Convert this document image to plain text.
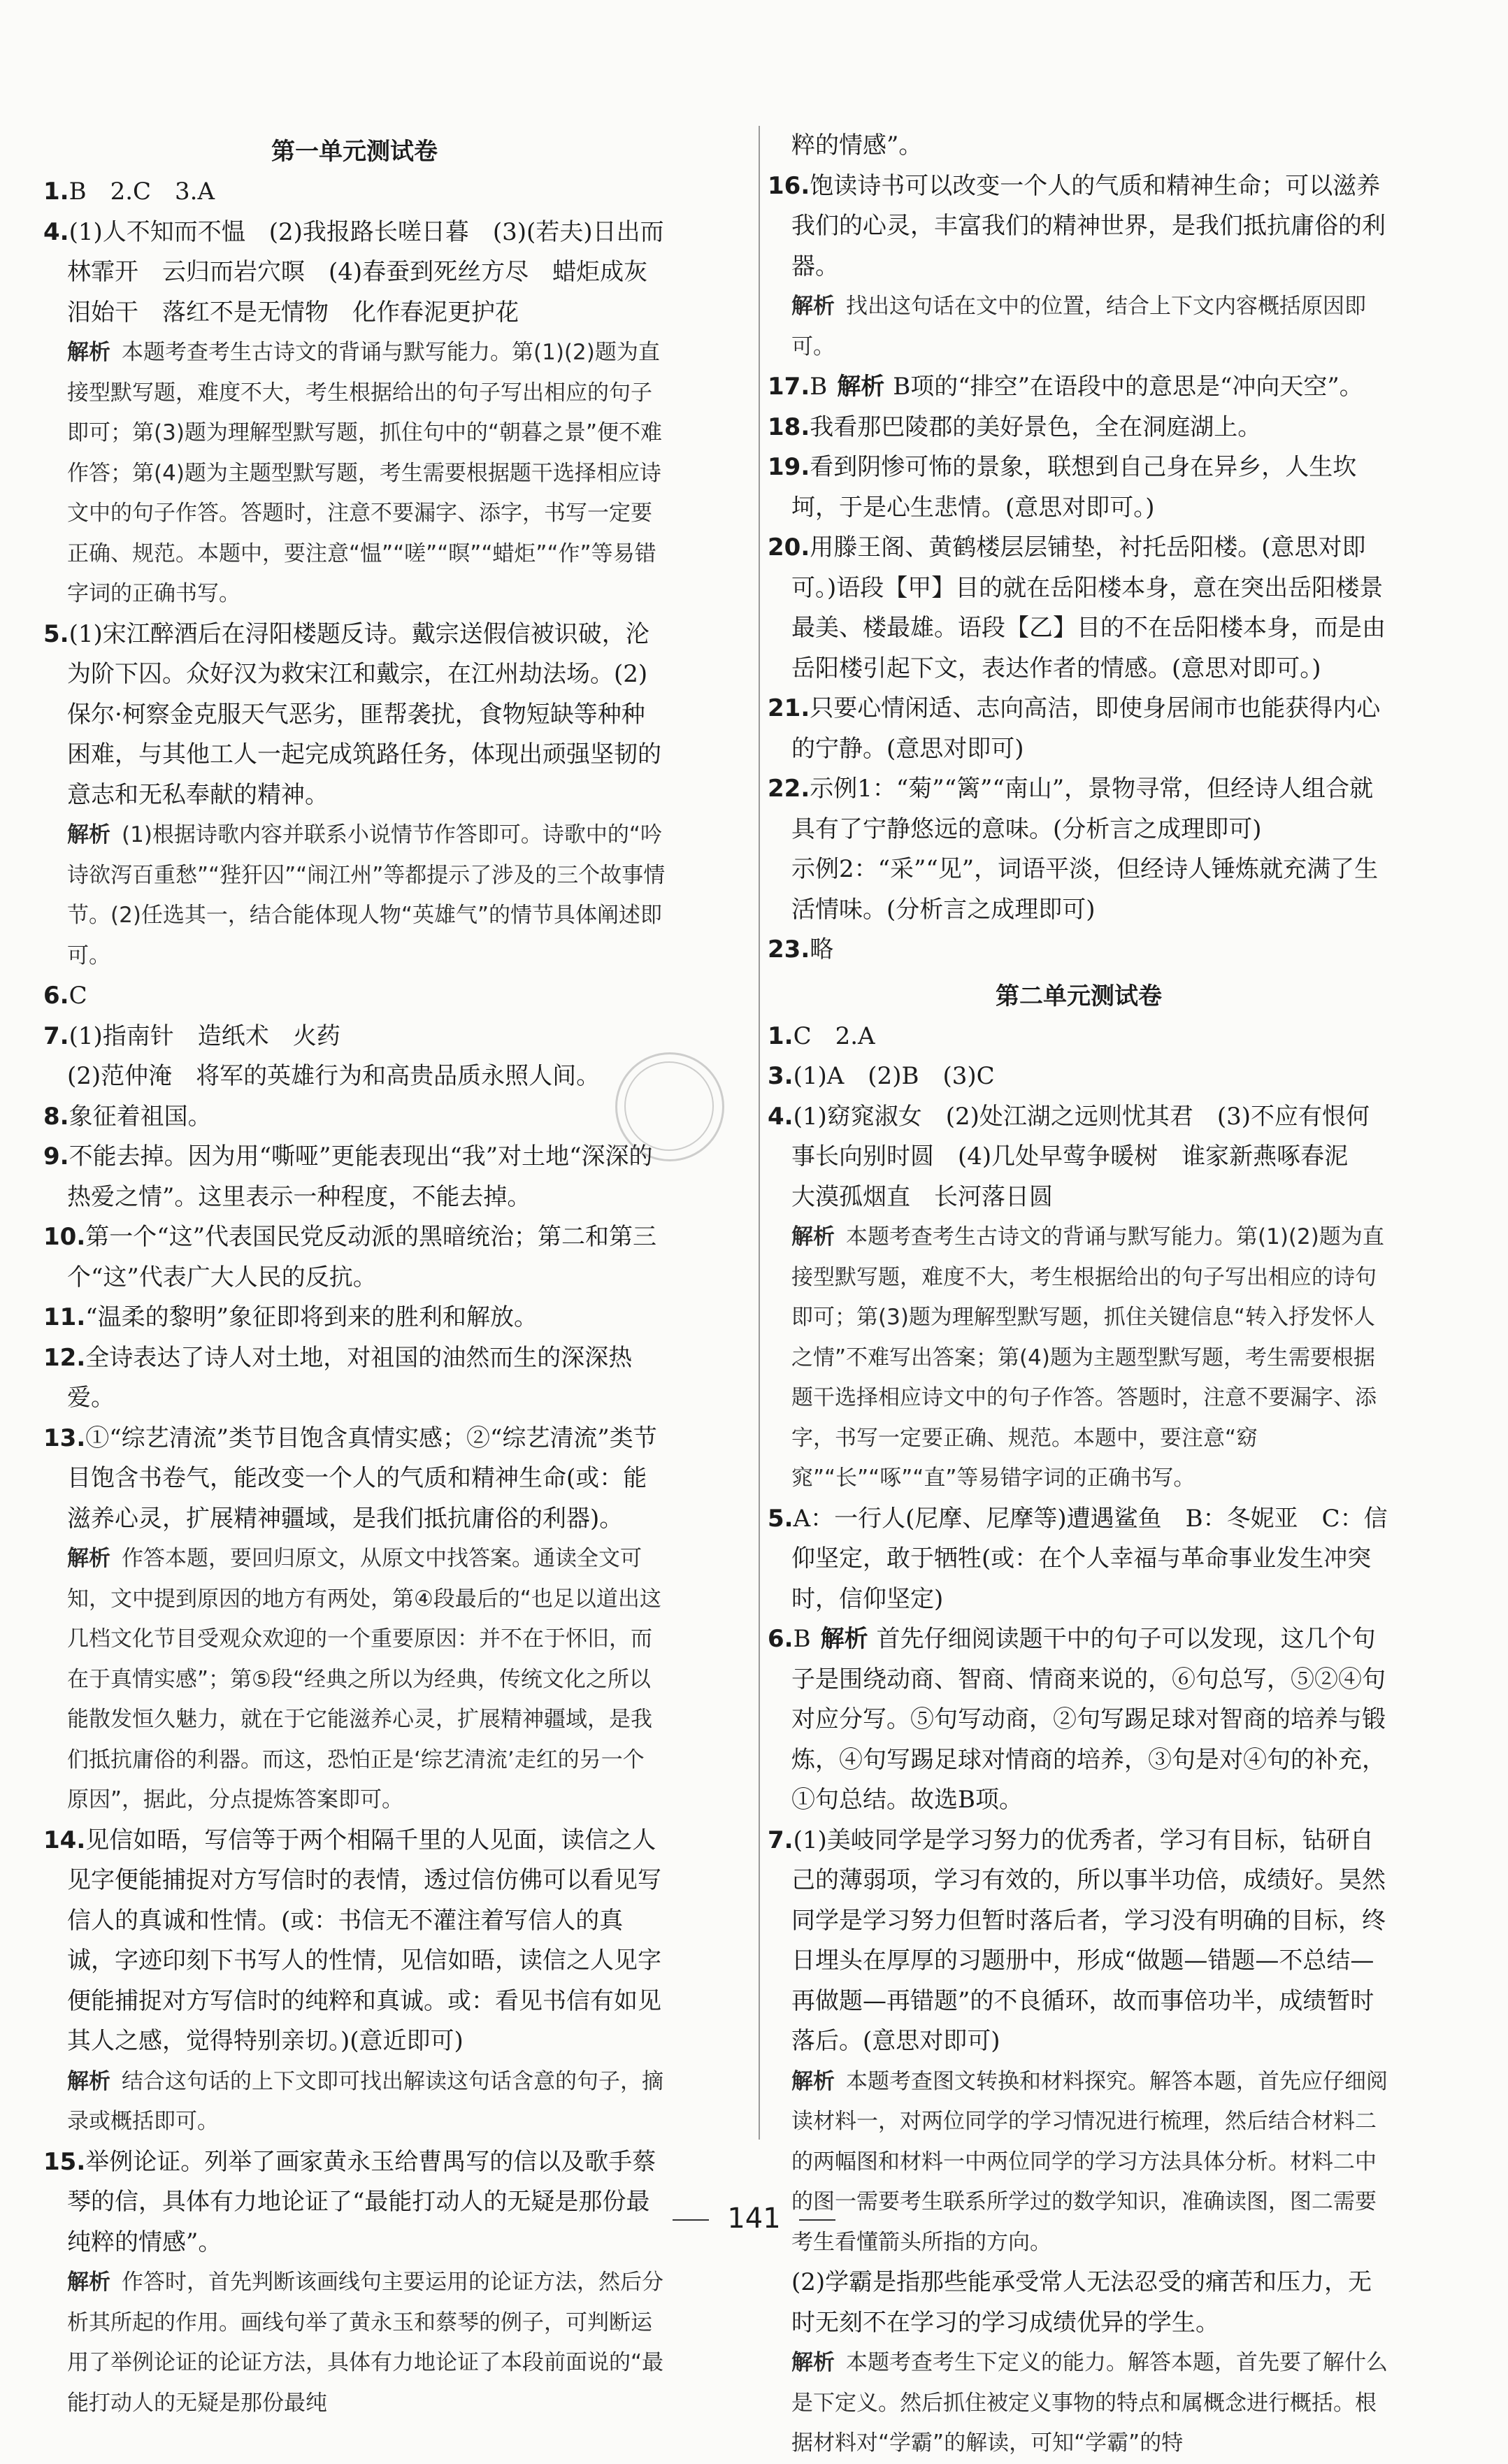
第一单元测试卷

1.B　2.C　3.A

4.(1)人不知而不愠　(2)我报路长嗟日暮　(3)(若夫)日出而林霏开　云归而岩穴暝　(4)春蚕到死丝方尽　蜡炬成灰泪始干　落红不是无情物　化作春泥更护花

解析 本题考查考生古诗文的背诵与默写能力。第(1)(2)题为直接型默写题，难度不大，考生根据给出的句子写出相应的句子即可；第(3)题为理解型默写题，抓住句中的“朝暮之景”便不难作答；第(4)题为主题型默写题，考生需要根据题干选择相应诗文中的句子作答。答题时，注意不要漏字、添字，书写一定要正确、规范。本题中，要注意“愠”“嗟”“暝”“蜡炬”“作”等易错字词的正确书写。

5.(1)宋江醉酒后在浔阳楼题反诗。戴宗送假信被识破，沦为阶下囚。众好汉为救宋江和戴宗，在江州劫法场。(2)保尔·柯察金克服天气恶劣，匪帮袭扰，食物短缺等种种困难，与其他工人一起完成筑路任务，体现出顽强坚韧的意志和无私奉献的精神。

解析 (1)根据诗歌内容并联系小说情节作答即可。诗歌中的“吟诗欲泻百重愁”“狴犴囚”“闹江州”等都提示了涉及的三个故事情节。(2)任选其一，结合能体现人物“英雄气”的情节具体阐述即可。

6.C

7.(1)指南针　造纸术　火药

(2)范仲淹　将军的英雄行为和高贵品质永照人间。

8.象征着祖国。

9.不能去掉。因为用“嘶哑”更能表现出“我”对土地“深深的热爱之情”。这里表示一种程度，不能去掉。

10.第一个“这”代表国民党反动派的黑暗统治；第二和第三个“这”代表广大人民的反抗。

11.“温柔的黎明”象征即将到来的胜利和解放。

12.全诗表达了诗人对土地，对祖国的油然而生的深深热爱。

13.①“综艺清流”类节目饱含真情实感；②“综艺清流”类节目饱含书卷气，能改变一个人的气质和精神生命(或：能滋养心灵，扩展精神疆域，是我们抵抗庸俗的利器)。

解析 作答本题，要回归原文，从原文中找答案。通读全文可知，文中提到原因的地方有两处，第④段最后的“也足以道出这几档文化节目受观众欢迎的一个重要原因：并不在于怀旧，而在于真情实感”；第⑤段“经典之所以为经典，传统文化之所以能散发恒久魅力，就在于它能滋养心灵，扩展精神疆域，是我们抵抗庸俗的利器。而这，恐怕正是‘综艺清流’走红的另一个原因”，据此，分点提炼答案即可。

14.见信如晤，写信等于两个相隔千里的人见面，读信之人见字便能捕捉对方写信时的表情，透过信仿佛可以看见写信人的真诚和性情。(或：书信无不灌注着写信人的真诚，字迹印刻下书写人的性情，见信如晤，读信之人见字便能捕捉对方写信时的纯粹和真诚。或：看见书信有如见其人之感，觉得特别亲切。)(意近即可)

解析 结合这句话的上下文即可找出解读这句话含意的句子，摘录或概括即可。

15.举例论证。列举了画家黄永玉给曹禺写的信以及歌手蔡琴的信，具体有力地论证了“最能打动人的无疑是那份最纯粹的情感”。

解析 作答时，首先判断该画线句主要运用的论证方法，然后分析其所起的作用。画线句举了黄永玉和蔡琴的例子，可判断运用了举例论证的论证方法，具体有力地论证了本段前面说的“最能打动人的无疑是那份最纯

粹的情感”。

16.饱读诗书可以改变一个人的气质和精神生命；可以滋养我们的心灵，丰富我们的精神世界，是我们抵抗庸俗的利器。

解析 找出这句话在文中的位置，结合上下文内容概括原因即可。

17.B 解析 B项的“排空”在语段中的意思是“冲向天空”。

18.我看那巴陵郡的美好景色，全在洞庭湖上。

19.看到阴惨可怖的景象，联想到自己身在异乡，人生坎坷，于是心生悲情。(意思对即可。)

20.用滕王阁、黄鹤楼层层铺垫，衬托岳阳楼。(意思对即可。)语段【甲】目的就在岳阳楼本身，意在突出岳阳楼景最美、楼最雄。语段【乙】目的不在岳阳楼本身，而是由岳阳楼引起下文，表达作者的情感。(意思对即可。)

21.只要心情闲适、志向高洁，即使身居闹市也能获得内心的宁静。(意思对即可)

22.示例1：“菊”“篱”“南山”，景物寻常，但经诗人组合就具有了宁静悠远的意味。(分析言之成理即可)

示例2：“采”“见”，词语平淡，但经诗人锤炼就充满了生活情味。(分析言之成理即可)

23.略

第二单元测试卷

1.C　2.A

3.(1)A　(2)B　(3)C

4.(1)窈窕淑女　(2)处江湖之远则忧其君　(3)不应有恨何事长向别时圆　(4)几处早莺争暖树　谁家新燕啄春泥　大漠孤烟直　长河落日圆

解析 本题考查考生古诗文的背诵与默写能力。第(1)(2)题为直接型默写题，难度不大，考生根据给出的句子写出相应的诗句即可；第(3)题为理解型默写题，抓住关键信息“转入抒发怀人之情”不难写出答案；第(4)题为主题型默写题，考生需要根据题干选择相应诗文中的句子作答。答题时，注意不要漏字、添字，书写一定要正确、规范。本题中，要注意“窈窕”“长”“啄”“直”等易错字词的正确书写。

5.A：一行人(尼摩、尼摩等)遭遇鲨鱼　B：冬妮亚　C：信仰坚定，敢于牺牲(或：在个人幸福与革命事业发生冲突时，信仰坚定)

6.B 解析 首先仔细阅读题干中的句子可以发现，这几个句子是围绕动商、智商、情商来说的，⑥句总写，⑤②④句对应分写。⑤句写动商，②句写踢足球对智商的培养与锻炼，④句写踢足球对情商的培养，③句是对④句的补充，①句总结。故选B项。

7.(1)美岐同学是学习努力的优秀者，学习有目标，钻研自己的薄弱项，学习有效的，所以事半功倍，成绩好。昊然同学是学习努力但暂时落后者，学习没有明确的目标，终日埋头在厚厚的习题册中，形成“做题—错题—不总结—再做题—再错题”的不良循环，故而事倍功半，成绩暂时落后。(意思对即可)

解析 本题考查图文转换和材料探究。解答本题，首先应仔细阅读材料一，对两位同学的学习情况进行梳理，然后结合材料二的两幅图和材料一中两位同学的学习方法具体分析。材料二中的图一需要考生联系所学过的数学知识，准确读图，图二需要考生看懂箭头所指的方向。

(2)学霸是指那些能承受常人无法忍受的痛苦和压力，无时无刻不在学习的学习成绩优异的学生。

解析 本题考查考生下定义的能力。解答本题，首先要了解什么是下定义。然后抓住被定义事物的特点和属概念进行概括。根据材料对“学霸”的解读，可知“学霸”的特

141
